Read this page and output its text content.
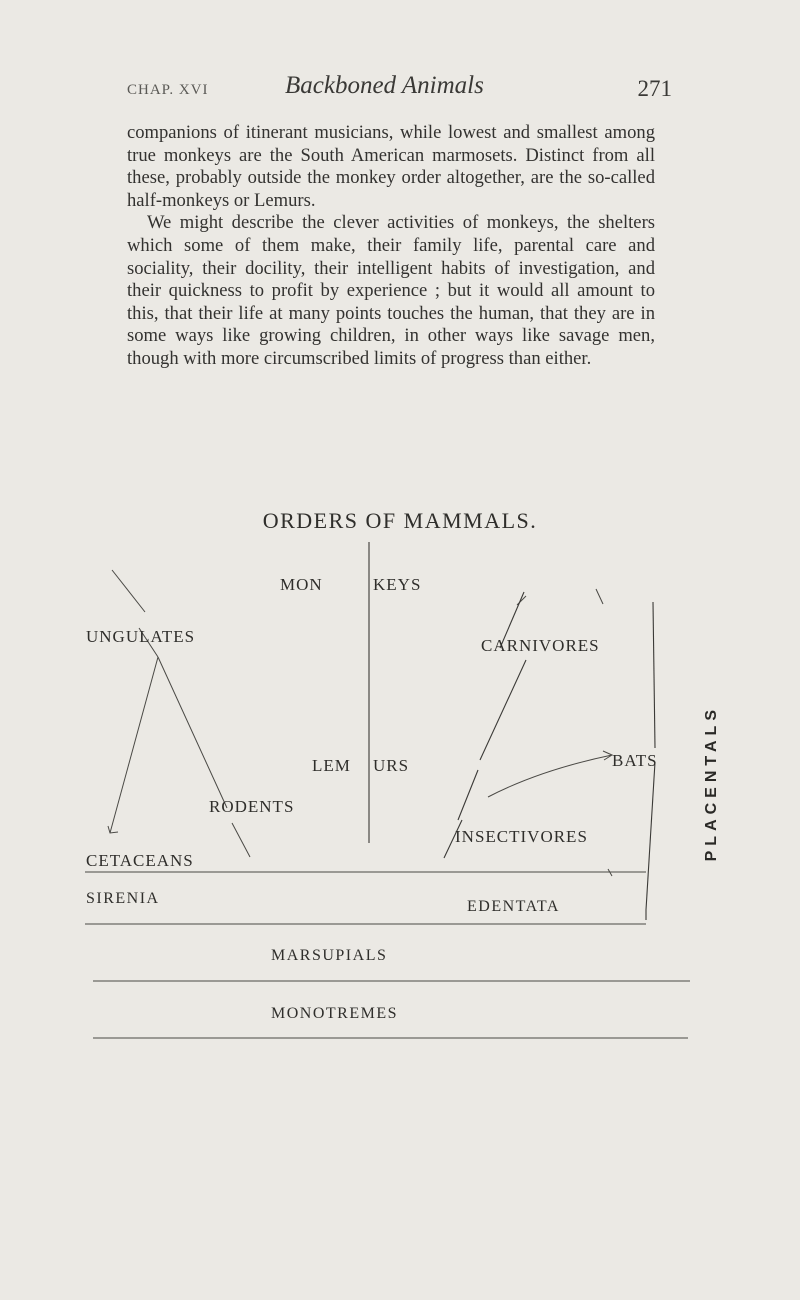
CHAP. XVI	Backboned Animals	271

companions of itinerant musicians, while lowest and smallest among true monkeys are the South American marmosets. Distinct from all these, probably outside the monkey order altogether, are the so-called half-monkeys or Lemurs.

We might describe the clever activities of monkeys, the shelters which some of them make, their family life, parental care and sociality, their docility, their intelligent habits of investigation, and their quickness to profit by experience ; but it would all amount to this, that their life at many points touches the human, that they are in some ways like growing children, in other ways like savage men, though with more circumscribed limits of progress than either.

ORDERS OF MAMMALS.
MON	KEYS
UNGULATES	CARNIVORES
LEM URS	BATS
RODENTS
INSECTIVORES
CETACEANS
SIRENIA	EDENTATA
MARSUPIALS
MONOTREMES
PLACENTALS
